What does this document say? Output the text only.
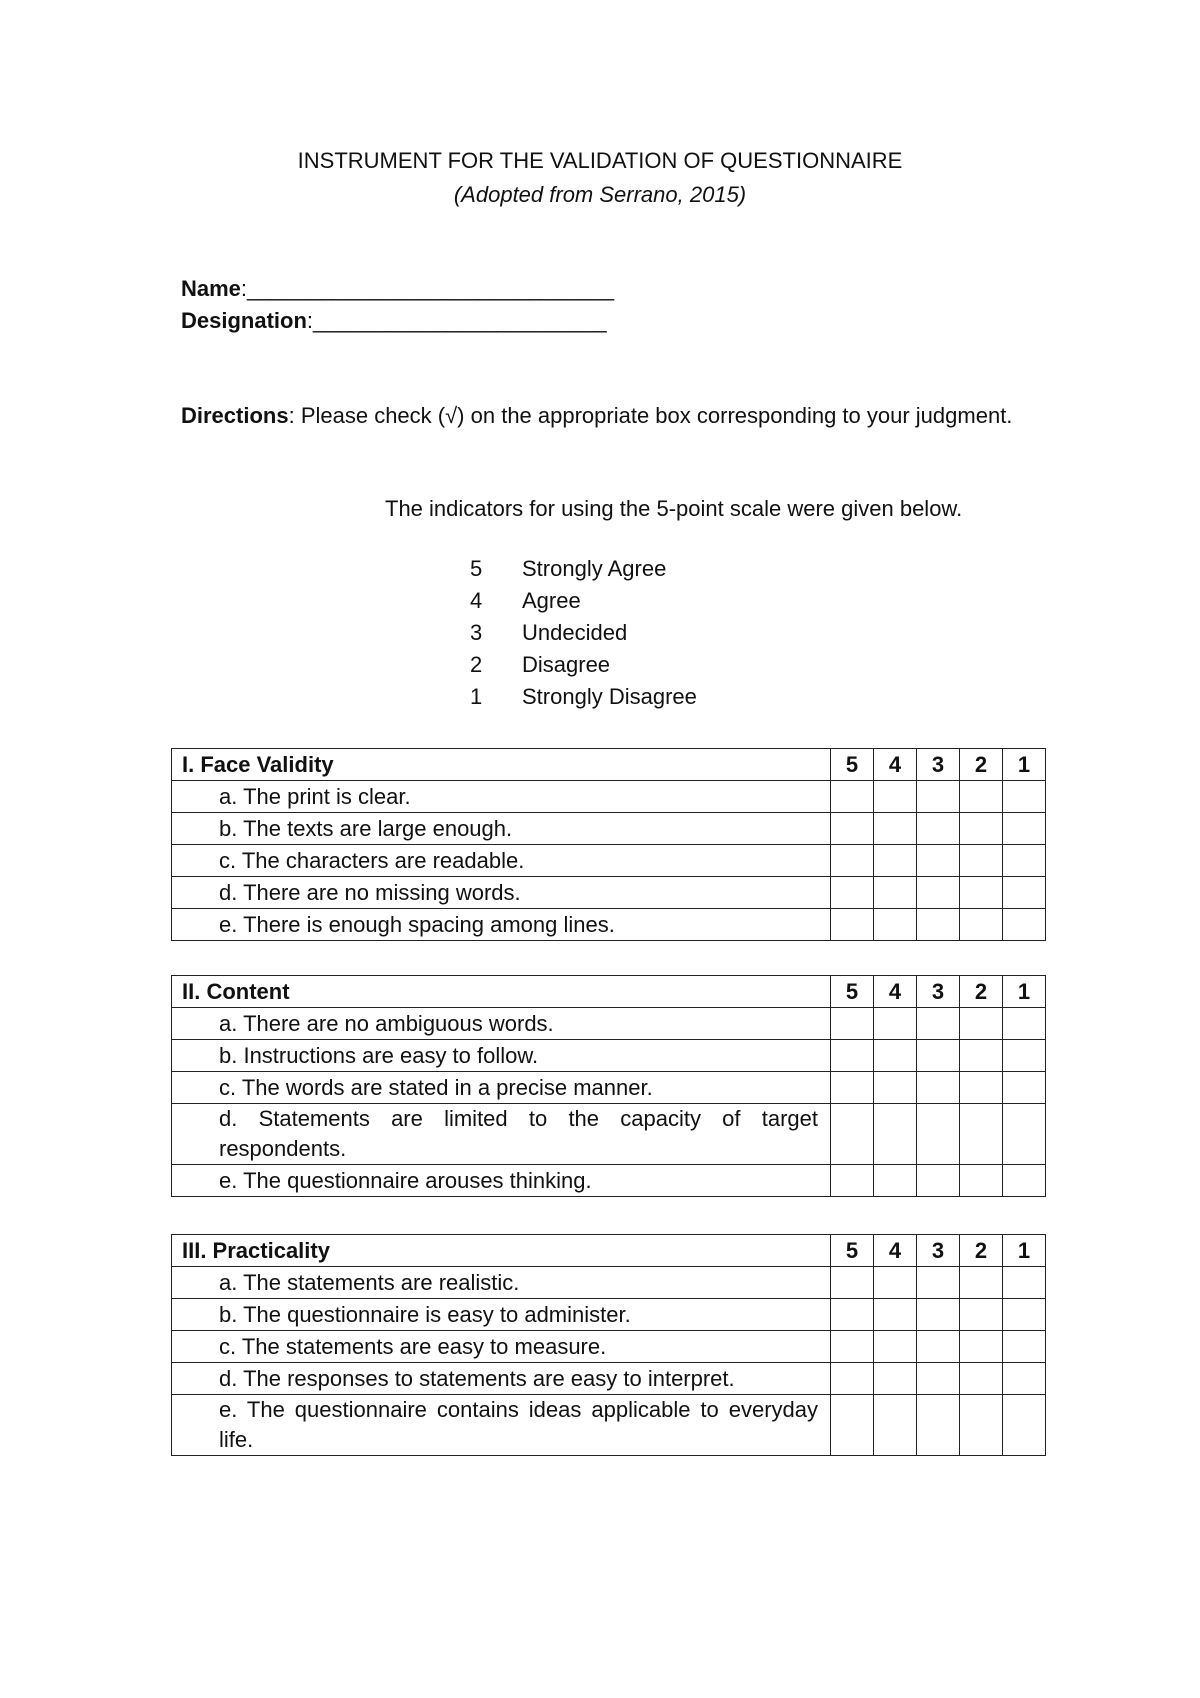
INSTRUMENT FOR THE VALIDATION OF QUESTIONNAIRE
(Adopted from Serrano, 2015)
Name:______________________________
Designation:________________________
Directions: Please check (√) on the appropriate box corresponding to your judgment.
The indicators for using the 5-point scale were given below.
5	Strongly Agree
4	Agree
3	Undecided
2	Disagree
1	Strongly Disagree
I. Face Validity	5	4	3	2	1
a. The print is clear.					
b. The texts are large enough.					
c. The characters are readable.					
d. There are no missing words.					
e. There is enough spacing among lines.					
II. Content	5	4	3	2	1
a. There are no ambiguous words.					
b. Instructions are easy to follow.					
c. The words are stated in a precise manner.					
d. Statements are limited to the capacity of target respondents.					
e. The questionnaire arouses thinking.					
III. Practicality	5	4	3	2	1
a. The statements are realistic.					
b. The questionnaire is easy to administer.					
c. The statements are easy to measure.					
d. The responses to statements are easy to interpret.					
e. The questionnaire contains ideas applicable to everyday life.					
